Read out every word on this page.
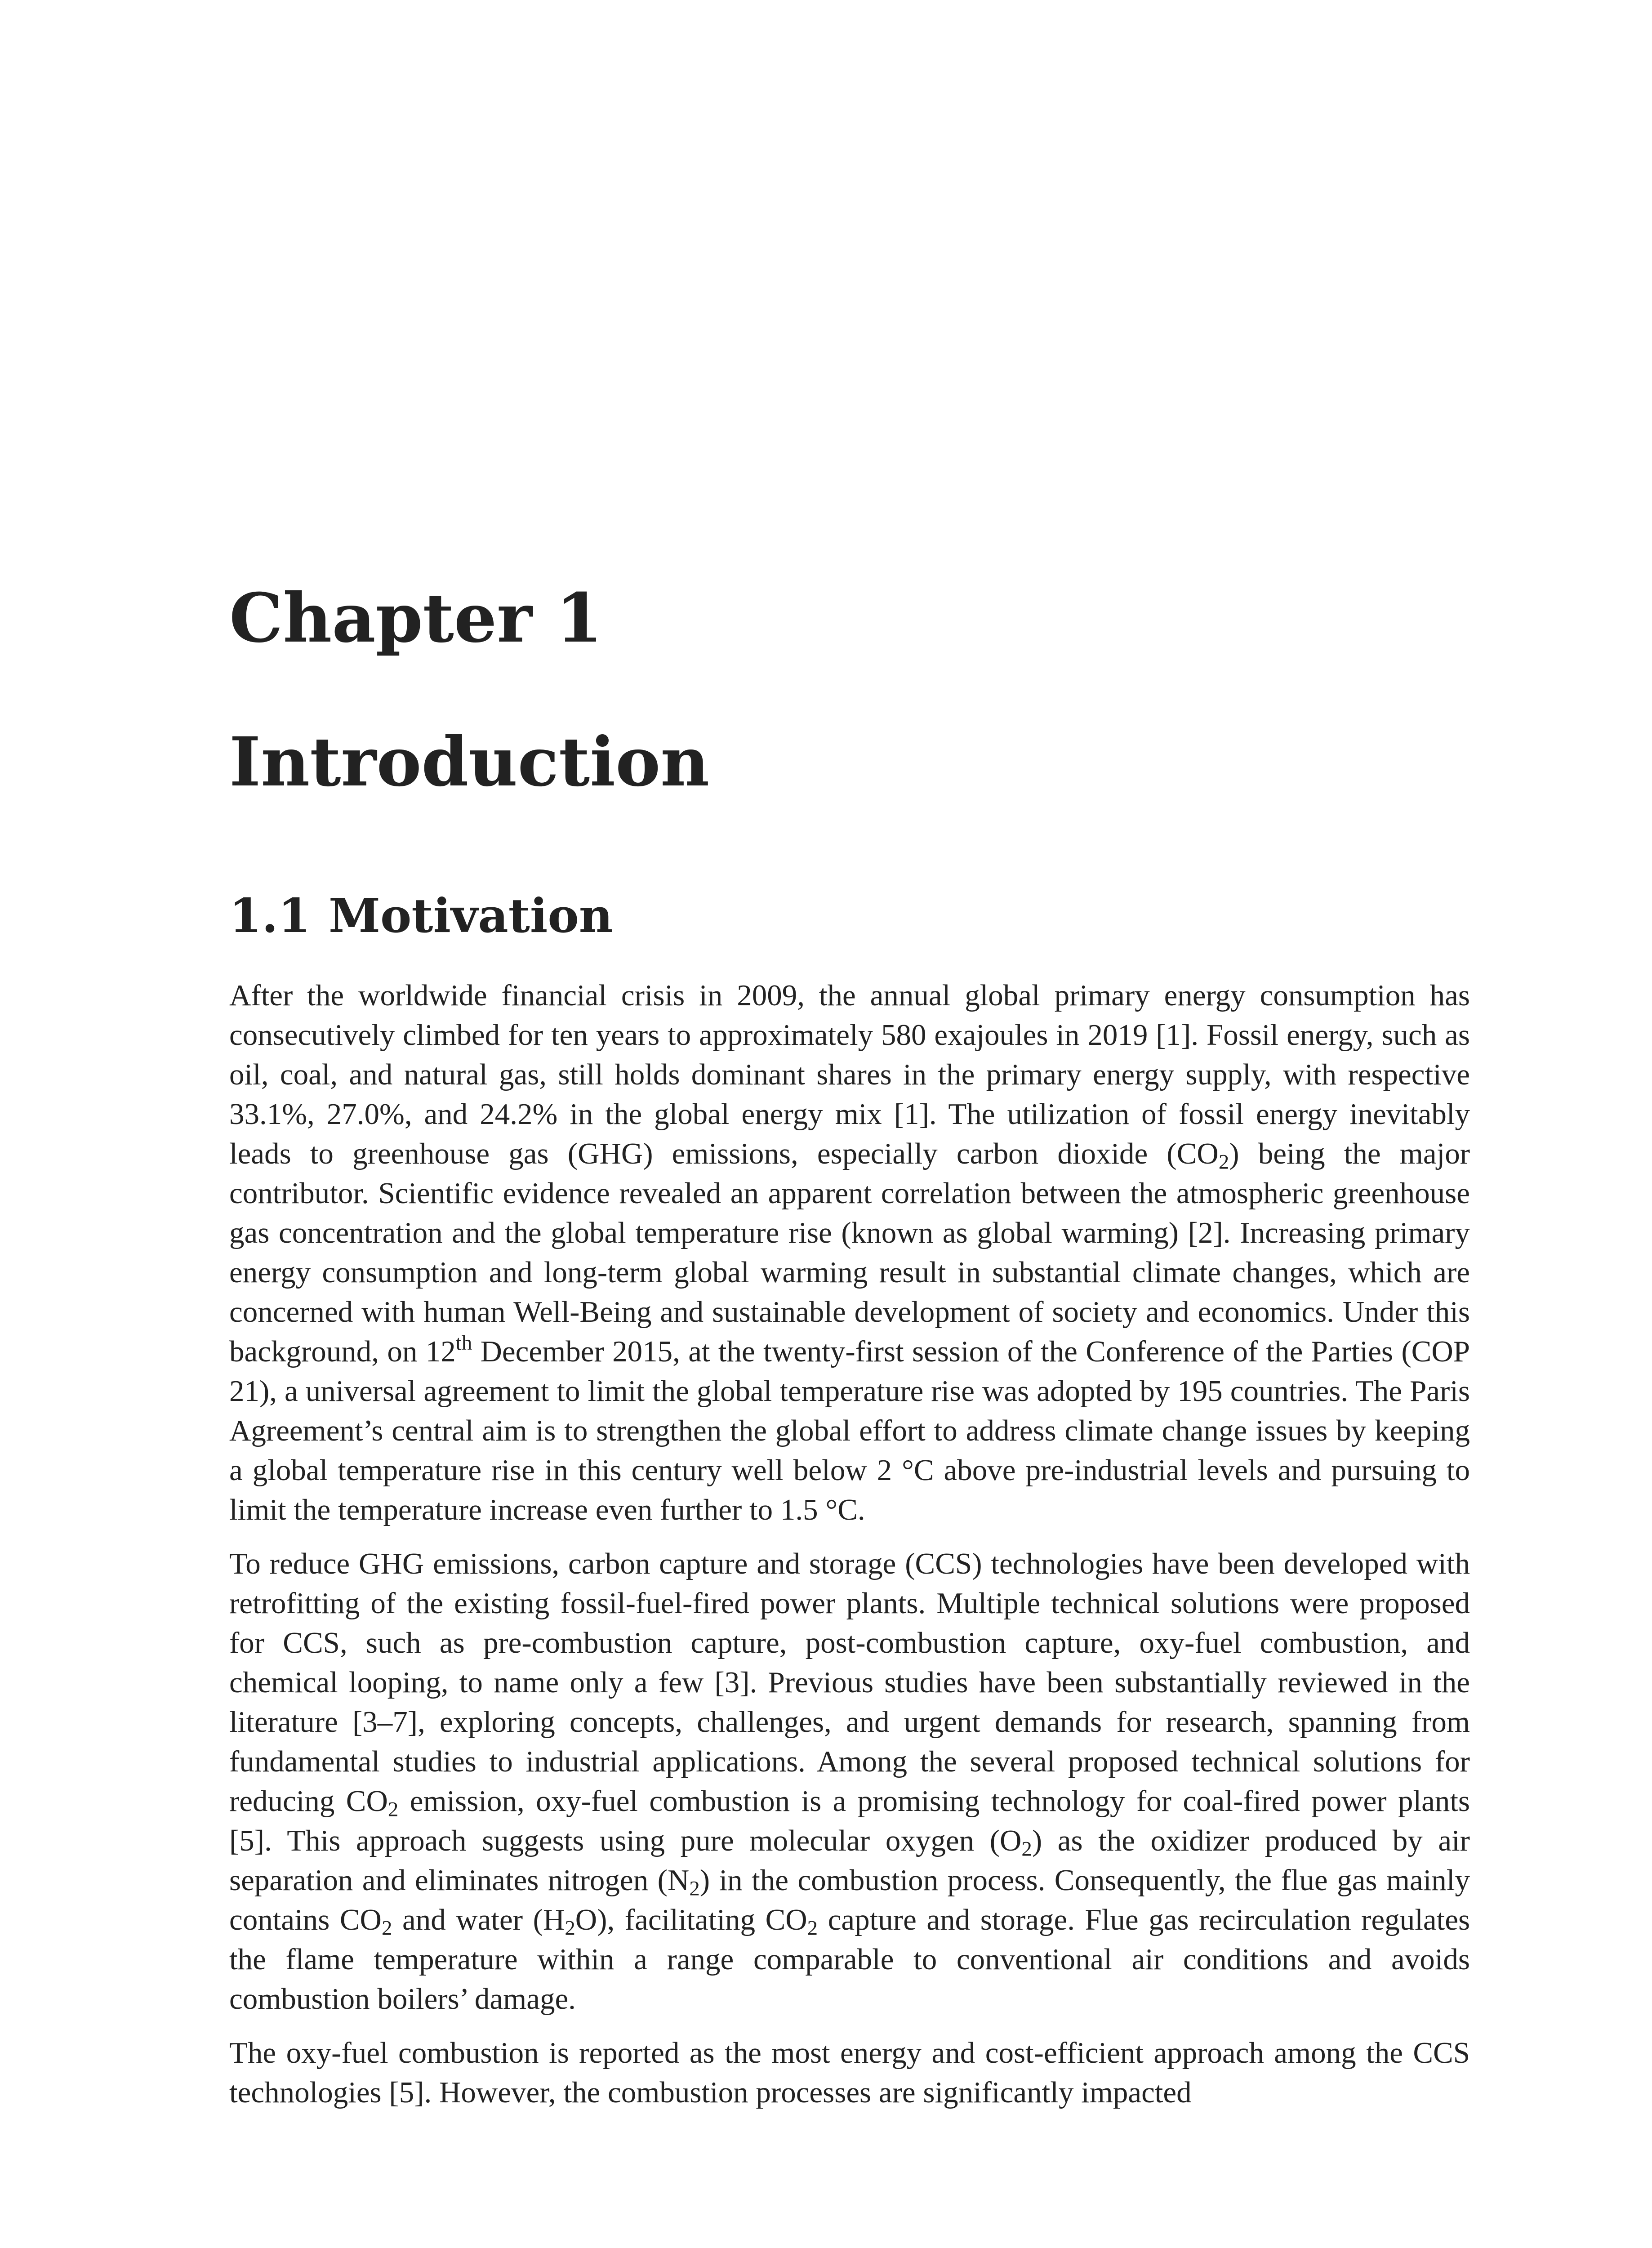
Chapter 1
Introduction
1.1 Motivation

After the worldwide financial crisis in 2009, the annual global primary energy consumption has consecutively climbed for ten years to approximately 580 exajoules in 2019 [1]. Fossil energy, such as oil, coal, and natural gas, still holds dominant shares in the primary energy supply, with respective 33.1%, 27.0%, and 24.2% in the global energy mix [1]. The utilization of fossil energy inevitably leads to greenhouse gas (GHG) emissions, especially carbon dioxide $(CO_2)$ being the major contributor. Scientific evidence revealed an apparent correlation between the atmospheric greenhouse gas concentration and the global temperature rise (known as global warming) [2]. Increasing primary energy consumption and long-term global warming result in substantial climate changes, which are concerned with human Well-Being and sustainable development of society and economics. Under this background, on 12th December 2015, at the twenty-first session of the Conference of the Parties (COP 21), a universal agreement to limit the global temperature rise was adopted by 195 countries. The Paris Agreement’s central aim is to strengthen the global effort to address climate change issues by keeping a global temperature rise in this century well below 2 °C above pre-industrial levels and pursuing to limit the temperature increase even further to 1.5 °C.

To reduce GHG emissions, carbon capture and storage (CCS) technologies have been developed with retrofitting of the existing fossil-fuel-fired power plants. Multiple technical solutions were proposed for CCS, such as pre-combustion capture, post-combustion capture, oxy-fuel combustion, and chemical looping, to name only a few [3]. Previous studies have been substantially reviewed in the literature [3–7], exploring concepts, challenges, and urgent demands for research, spanning from fundamental studies to industrial applications. Among the several proposed technical solutions for reducing $CO_2$ emission, oxy-fuel combustion is a promising technology for coal-fired power plants [5]. This approach suggests using pure molecular oxygen $(O_2)$ as the oxidizer produced by air separation and eliminates nitrogen $(N_2)$ in the combustion process. Consequently, the flue gas mainly contains $CO_2$ and water $(H_2O)$, facilitating $CO_2$ capture and storage. Flue gas recirculation regulates the flame temperature within a range comparable to conventional air conditions and avoids combustion boilers’ damage.

The oxy-fuel combustion is reported as the most energy and cost-efficient approach among the CCS technologies [5]. However, the combustion processes are significantly impacted
